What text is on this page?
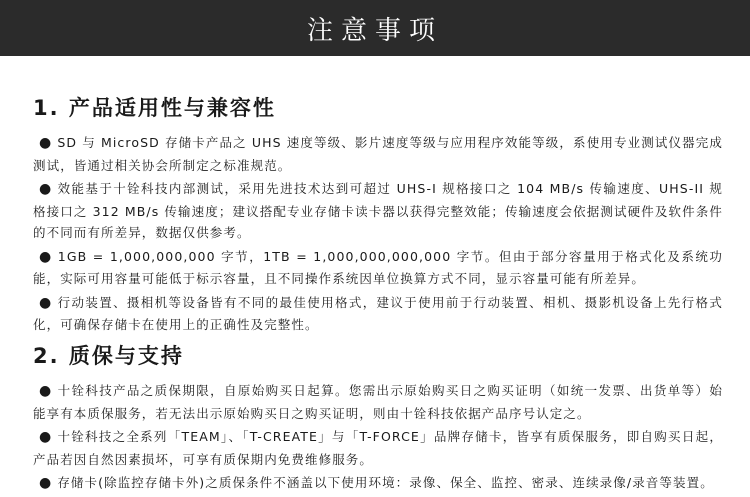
注意事项
1. 产品适用性与兼容性
● SD 与 MicroSD 存储卡产品之 UHS 速度等级、影片速度等级与应用程序效能等级，系使用专业测试仪器完成测试，皆通过相关协会所制定之标准规范。
● 效能基于十铨科技内部测试，采用先进技术达到可超过 UHS-I 规格接口之 104 MB/s 传输速度、UHS-II 规格接口之 312 MB/s 传输速度；建议搭配专业存储卡读卡器以获得完整效能；传输速度会依据测试硬件及软件条件的不同而有所差异，数据仅供参考。
● 1GB = 1,000,000,000 字节，1TB = 1,000,000,000,000 字节。但由于部分容量用于格式化及系统功能，实际可用容量可能低于标示容量，且不同操作系统因单位换算方式不同，显示容量可能有所差异。
● 行动装置、摄相机等设备皆有不同的最佳使用格式，建议于使用前于行动装置、相机、摄影机设备上先行格式化，可确保存储卡在使用上的正确性及完整性。
2. 质保与支持
● 十铨科技产品之质保期限，自原始购买日起算。您需出示原始购买日之购买证明（如统一发票、出货单等）始能享有本质保服务，若无法出示原始购买日之购买证明，则由十铨科技依据产品序号认定之。
● 十铨科技之全系列「TEAM」、「T-CREATE」与「T-FORCE」品牌存储卡，皆享有质保服务，即自购买日起，产品若因自然因素损坏，可享有质保期内免费维修服务。
● 存储卡(除监控存储卡外)之质保条件不涵盖以下使用环境：录像、保全、监控、密录、连续录像/录音等装置。
